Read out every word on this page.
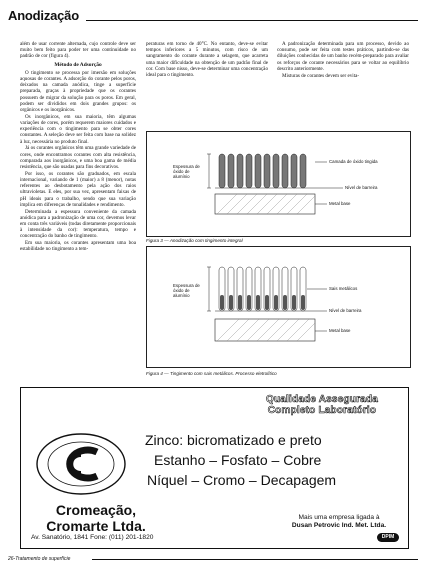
Anodização

além de usar corrente alternada, cujo controle deve ser muito bem feito para poder ter uma continuidade no padrão de cor (figura 4).

Método de Adsorção

O tingimento se processa por imersão em soluções aquosas de corantes. A adsorção do corante pelos poros, deixados na camada anódica, tinge a superfície preparada, graças à propriedade que os corantes possuem de migrar da solução para os poros. Em geral, podem ser divididos em dois grandes grupos: os orgânicos e os inorgânicos.

Os inorgânicos, em sua maioria, têm algumas variações de cores, porém requerem maiores cuidados e experiência com o tingimento para se obter cores constantes. A seleção deve ser feita com base na solidez à luz, necessária no produto final.

Já os corantes orgânicos têm uma grande variedade de cores, onde encontramos corantes com alta resistência, comparada aos inorgânicos, e uma boa gama de média resistência, que são usadas para fins decorativos.

Por isso, os corantes são graduados, em escala internacional, variando de 1 (maior) a 8 (menor), notas referentes ao desbotamento pela ação dos raios ultravioletas. E eles, por sua vez, apresentam faixas de pH ideais para o trabalho, sendo que sua variação implica em diferenças de tonalidades e rendimento.

Determinada a espessura conveniente da camada anódica para a padronização de uma cor, devemos levar em conta três variáveis (todas diretamente proporcionais à intensidade da cor): temperatura, tempo e concentração do banho de tingimento.

Em sua maioria, os corantes apresentam uma boa estabilidade no tingimento a tem-

peraturas em torno de 40°C. No entanto, deve-se evitar tempos inferiores a 5 minutos, com risco de um sangramento do corante durante a selagem, que acarreta uma maior dificuldade na obtenção de um padrão final de cor. Com base nisso, deve-se determinar uma concentração ideal para o tingimento.

A padronização determinada para um processo, devido ao consumo, pode ser feita com testes práticos, partindo-se das diluições conhecidas de um banho recém-preparado para avaliar os reforços de corante necessários para se voltar ao equilíbrio descrito anteriormente.

Misturas de corantes devem ser evita-

Espessura de óxido de alumínio
Camada de óxido tingida
Nível de barreira
Metal base
Figura 3 — Anodização com tingimento integral
Espessura de óxido de alumínio
Sais metálicos
Nível de barreira
Metal base
Figura 4 — Tingimento com sais metálicos. Processo eletrolítico
Qualidade Assegurada
Completo Laboratório
Zinco: bicromatizado e preto
Estanho – Fosfato – Cobre
Níquel – Cromo – Decapagem
Cromeação,
Cromarte Ltda.
Av. Sanatório, 1841 Fone: (011) 201-1820
Mais uma empresa ligada à
Dusan Petrovic Ind. Met. Ltda.
DPIM
26-Tratamento de superfície
